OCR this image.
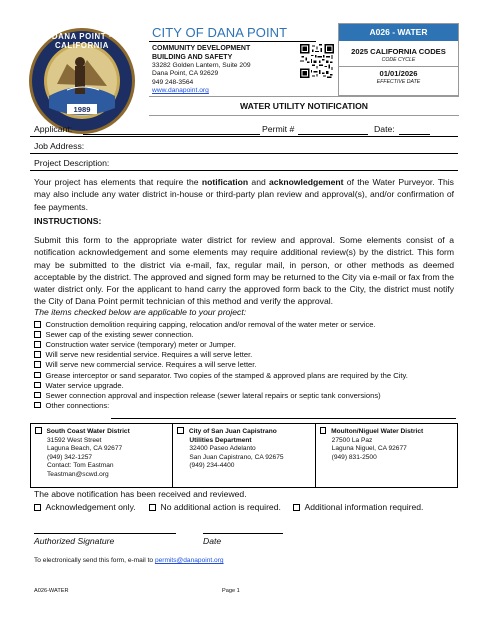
DANA POINT · CALIFORNIA
1989
CITY OF DANA POINT
COMMUNITY DEVELOPMENT
BUILDING AND SAFETY
33282 Golden Lantern, Suite 209
Dana Point, CA 92629
949 248-3564
www.danapoint.org
A026 - WATER
2025 CALIFORNIA CODES
CODE CYCLE
01/01/2026
EFFECTIVE DATE
WATER UTILITY NOTIFICATION
Applicant:	Permit #	Date:
Job Address:
Project Description:
Your project has elements that require the notification and acknowledgement of the Water Purveyor. This may also include any water district in-house or third-party plan review and approval(s), and/or confirmation of fee payments.
INSTRUCTIONS:
Submit this form to the appropriate water district for review and approval. Some elements consist of a notification acknowledgement and some elements may require additional review(s) by the district. This form may be submitted to the district via e-mail, fax, regular mail, in person, or other methods as deemed acceptable by the district. The approved and signed form may be returned to the City via e-mail or fax from the water district only. For the applicant to hand carry the approved form back to the City, the district must notify the City of Dana Point permit technician of this method and verify the approval.
The items checked below are applicable to your project:
Construction demolition requiring capping, relocation and/or removal of the water meter or service.
Sewer cap of the existing sewer connection.
Construction water service (temporary) meter or Jumper.
Will serve new residential service. Requires a will serve letter.
Will serve new commercial service. Requires a will serve letter.
Grease interceptor or sand separator. Two copies of the stamped & approved plans are required by the City.
Water service upgrade.
Sewer connection approval and inspection release (sewer lateral repairs or septic tank conversions)
Other connections:
South Coast Water District
31592 West Street
Laguna Beach, CA 92677
(949) 342-1257
Contact: Tom Eastman
Teastman@scwd.org
City of San Juan Capistrano
Utilities Department
32400 Paseo Adelanto
San Juan Capistrano, CA 92675
(949) 234-4400
Moulton/Niguel Water District
27500 La Paz
Laguna Niguel, CA 92677
(949) 831-2500
The above notification has been received and reviewed.
Acknowledgement only.	No additional action is required.	Additional information required.
Authorized Signature	Date
To electronically send this form, e-mail to permits@danapoint.org
A026-WATER	Page 1
